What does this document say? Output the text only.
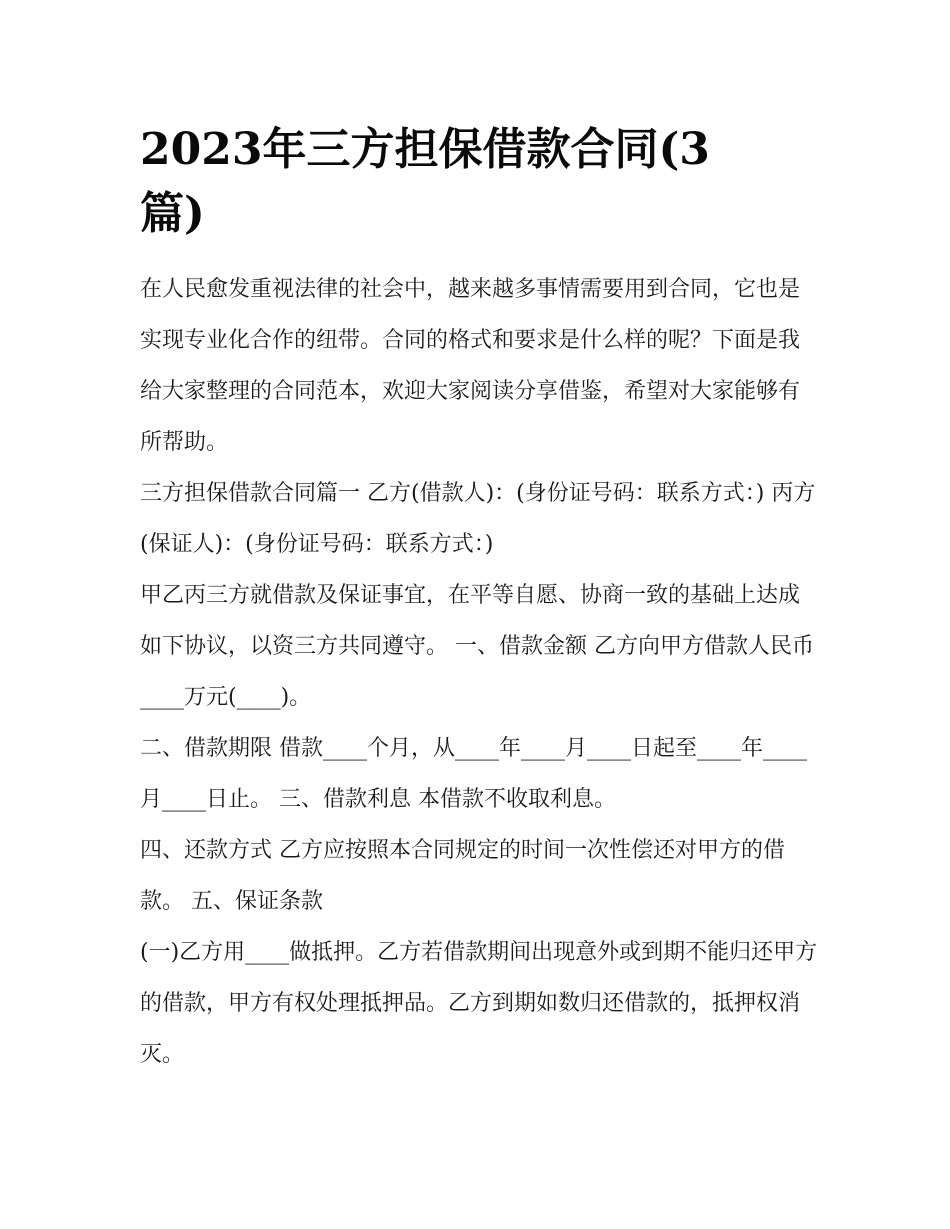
2023年三方担保借款合同(3
篇)

在人民愈发重视法律的社会中，越来越多事情需要用到合同，它也是实现专业化合作的纽带。合同的格式和要求是什么样的呢？下面是我给大家整理的合同范本，欢迎大家阅读分享借鉴，希望对大家能够有所帮助。

三方担保借款合同篇一 乙方(借款人)：(身份证号码：联系方式：) 丙方(保证人)：(身份证号码：联系方式：)

甲乙丙三方就借款及保证事宜，在平等自愿、协商一致的基础上达成如下协议，以资三方共同遵守。 一、借款金额 乙方向甲方借款人民币____万元(____)。

二、借款期限 借款____个月，从____年____月____日起至____年____月____日止。 三、借款利息 本借款不收取利息。

四、还款方式 乙方应按照本合同规定的时间一次性偿还对甲方的借款。 五、保证条款

(一)乙方用____做抵押。乙方若借款期间出现意外或到期不能归还甲方的借款，甲方有权处理抵押品。乙方到期如数归还借款的，抵押权消灭。
